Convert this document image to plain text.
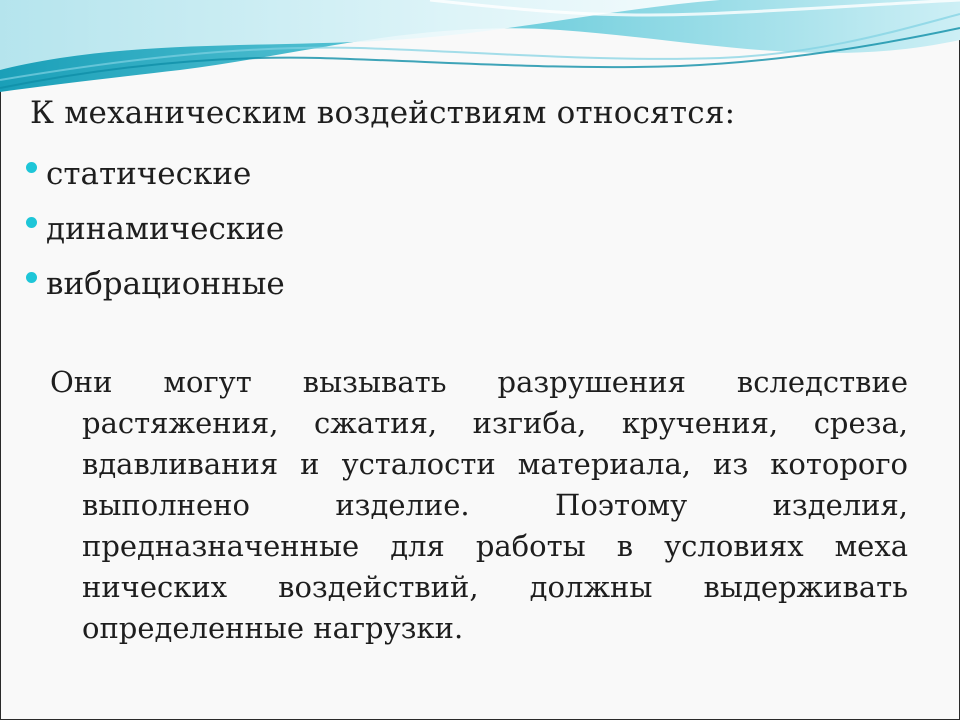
К механическим воздействиям относятся:
статические
динамические
вибрационные
Они могут вызывать разрушения вследствие
растяжения, сжатия, изгиба, кручения, среза,
вдавливания и усталости материала, из которого
выполнено изделие. Поэтому изделия,
предназначенные для работы в условиях меха
нических воздействий, должны выдерживать
определенные нагрузки.
